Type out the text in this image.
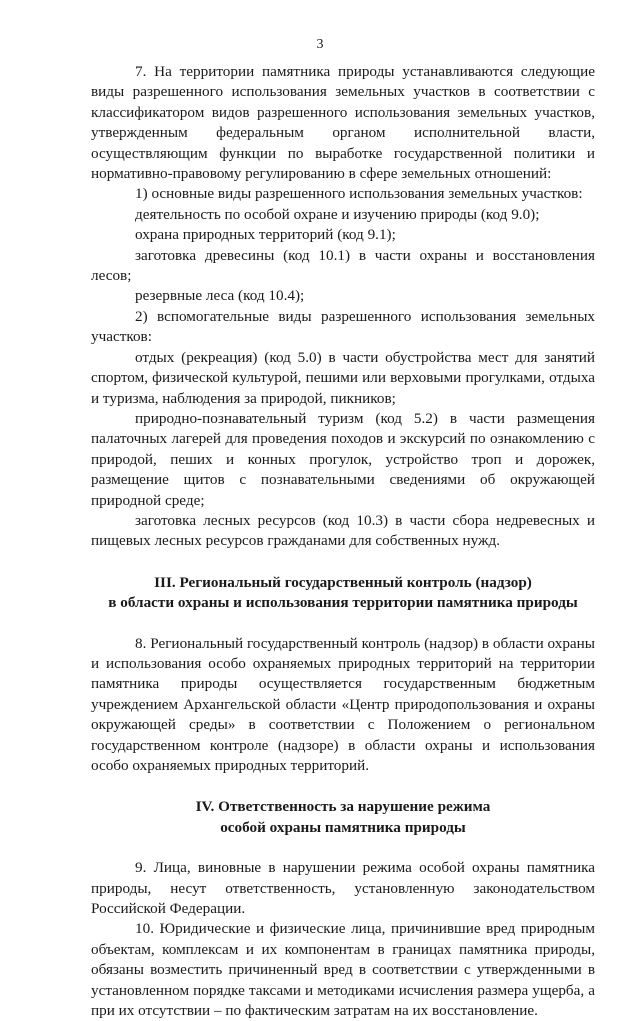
3

7. На территории памятника природы устанавливаются следующие виды разрешенного использования земельных участков в соответствии с классификатором видов разрешенного использования земельных участков, утвержденным федеральным органом исполнительной власти, осуществляющим функции по выработке государственной политики и нормативно-правовому регулированию в сфере земельных отношений:

1) основные виды разрешенного использования земельных участков:

деятельность по особой охране и изучению природы (код 9.0);

охрана природных территорий (код 9.1);

заготовка древесины (код 10.1) в части охраны и восстановления лесов;

резервные леса (код 10.4);

2) вспомогательные виды разрешенного использования земельных участков:

отдых (рекреация) (код 5.0) в части обустройства мест для занятий спортом, физической культурой, пешими или верховыми прогулками, отдыха и туризма, наблюдения за природой, пикников;

природно-познавательный туризм (код 5.2) в части размещения палаточных лагерей для проведения походов и экскурсий по ознакомлению с природой, пеших и конных прогулок, устройство троп и дорожек, размещение щитов с познавательными сведениями об окружающей природной среде;

заготовка лесных ресурсов (код 10.3) в части сбора недревесных и пищевых лесных ресурсов гражданами для собственных нужд.

III. Региональный государственный контроль (надзор)
в области охраны и использования территории памятника природы

8. Региональный государственный контроль (надзор) в области охраны и использования особо охраняемых природных территорий на территории памятника природы осуществляется государственным бюджетным учреждением Архангельской области «Центр природопользования и охраны окружающей среды» в соответствии с Положением о региональном государственном контроле (надзоре) в области охраны и использования особо охраняемых природных территорий.

IV. Ответственность за нарушение режима
особой охраны памятника природы

9. Лица, виновные в нарушении режима особой охраны памятника природы, несут ответственность, установленную законодательством Российской Федерации.

10. Юридические и физические лица, причинившие вред природным объектам, комплексам и их компонентам в границах памятника природы, обязаны возместить причиненный вред в соответствии с утвержденными в установленном порядке таксами и методиками исчисления размера ущерба, а при их отсутствии – по фактическим затратам на их восстановление.
